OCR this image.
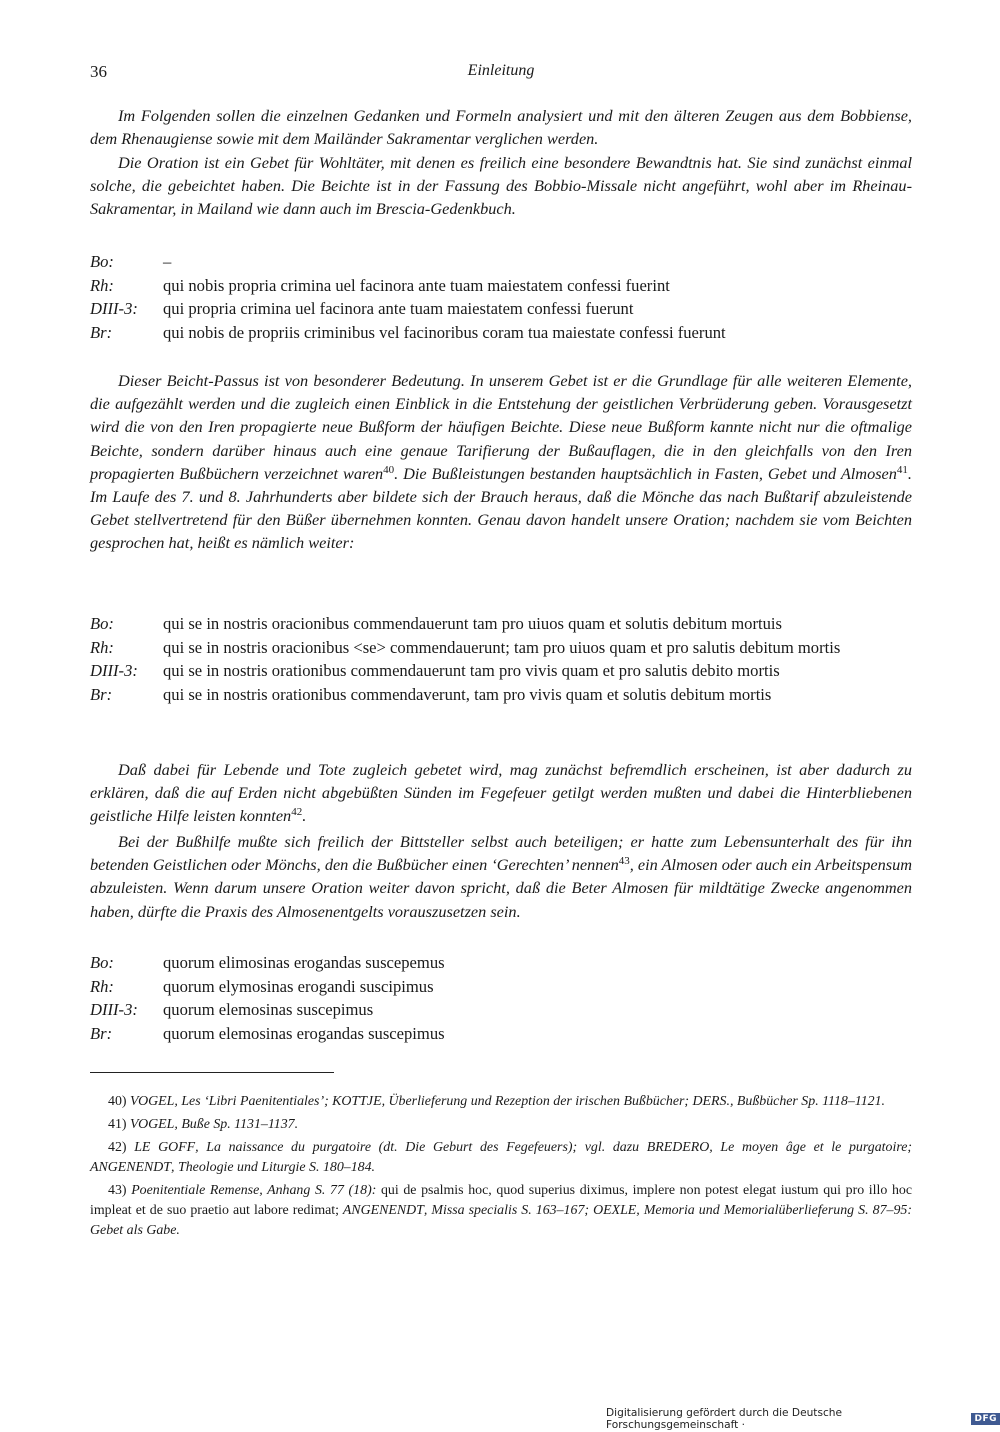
36	Einleitung

Im Folgenden sollen die einzelnen Gedanken und Formeln analysiert und mit den älteren Zeugen aus dem Bobbiense, dem Rhenaugiense sowie mit dem Mailänder Sakramentar verglichen werden.

Die Oration ist ein Gebet für Wohltäter, mit denen es freilich eine besondere Bewandtnis hat. Sie sind zunächst einmal solche, die gebeichtet haben. Die Beichte ist in der Fassung des Bobbio-Missale nicht angeführt, wohl aber im Rheinau-Sakramentar, in Mailand wie dann auch im Brescia-Gedenkbuch.

Bo:	–
Rh:	qui nobis propria crimina uel facinora ante tuam maiestatem confessi fuerint
DIII-3:	qui propria crimina uel facinora ante tuam maiestatem confessi fuerunt
Br:	qui nobis de propriis criminibus vel facinoribus coram tua maiestate confessi fuerunt

Dieser Beicht-Passus ist von besonderer Bedeutung. In unserem Gebet ist er die Grundlage für alle weiteren Elemente, die aufgezählt werden und die zugleich einen Einblick in die Entstehung der geistlichen Verbrüderung geben. Vorausgesetzt wird die von den Iren propagierte neue Bußform der häufigen Beichte. Diese neue Bußform kannte nicht nur die oftmalige Beichte, sondern darüber hinaus auch eine genaue Tarifierung der Bußauflagen, die in den gleichfalls von den Iren propagierten Bußbüchern verzeichnet waren$^{40}$. Die Bußleistungen bestanden hauptsächlich in Fasten, Gebet und Almosen$^{41}$. Im Laufe des 7. und 8. Jahrhunderts aber bildete sich der Brauch heraus, daß die Mönche das nach Bußtarif abzuleistende Gebet stellvertretend für den Büßer übernehmen konnten. Genau davon handelt unsere Oration; nachdem sie vom Beichten gesprochen hat, heißt es nämlich weiter:

Bo:	qui se in nostris oracionibus commendauerunt tam pro uiuos quam et solutis debitum mortuis
Rh:	qui se in nostris oracionibus <se> commendauerunt; tam pro uiuos quam et pro salutis debitum mortis
DIII-3:	qui se in nostris orationibus commendauerunt tam pro vivis quam et pro salutis debito mortis
Br:	qui se in nostris orationibus commendaverunt, tam pro vivis quam et solutis debitum mortis

Daß dabei für Lebende und Tote zugleich gebetet wird, mag zunächst befremdlich erscheinen, ist aber dadurch zu erklären, daß die auf Erden nicht abgebüßten Sünden im Fegefeuer getilgt werden mußten und dabei die Hinterbliebenen geistliche Hilfe leisten konnten$^{42}$.

Bei der Bußhilfe mußte sich freilich der Bittsteller selbst auch beteiligen; er hatte zum Lebensunterhalt des für ihn betenden Geistlichen oder Mönchs, den die Bußbücher einen ‘Gerechten’ nennen$^{43}$, ein Almosen oder auch ein Arbeitspensum abzuleisten. Wenn darum unsere Oration weiter davon spricht, daß die Beter Almosen für mildtätige Zwecke angenommen haben, dürfte die Praxis des Almosenentgelts vorauszusetzen sein.

Bo:	quorum elimosinas erogandas suscepemus
Rh:	quorum elymosinas erogandi suscipimus
DIII-3:	quorum elemosinas suscepimus
Br:	quorum elemosinas erogandas suscepimus

40) VOGEL, Les ‘Libri Paenitentiales’; KOTTJE, Überlieferung und Rezeption der irischen Bußbücher; DERS., Bußbücher Sp. 1118–1121.

41) VOGEL, Buße Sp. 1131–1137.

42) LE GOFF, La naissance du purgatoire (dt. Die Geburt des Fegefeuers); vgl. dazu BREDERO, Le moyen âge et le purgatoire; ANGENENDT, Theologie und Liturgie S. 180–184.

43) Poenitentiale Remense, Anhang S. 77 (18): qui de psalmis hoc, quod superius diximus, implere non potest elegat iustum qui pro illo hoc impleat et de suo praetio aut labore redimat; ANGENENDT, Missa specialis S. 163–167; OEXLE, Memoria und Memorialüberlieferung S. 87–95: Gebet als Gabe.

Digitalisierung gefördert durch die Deutsche Forschungsgemeinschaft ·	DFG
